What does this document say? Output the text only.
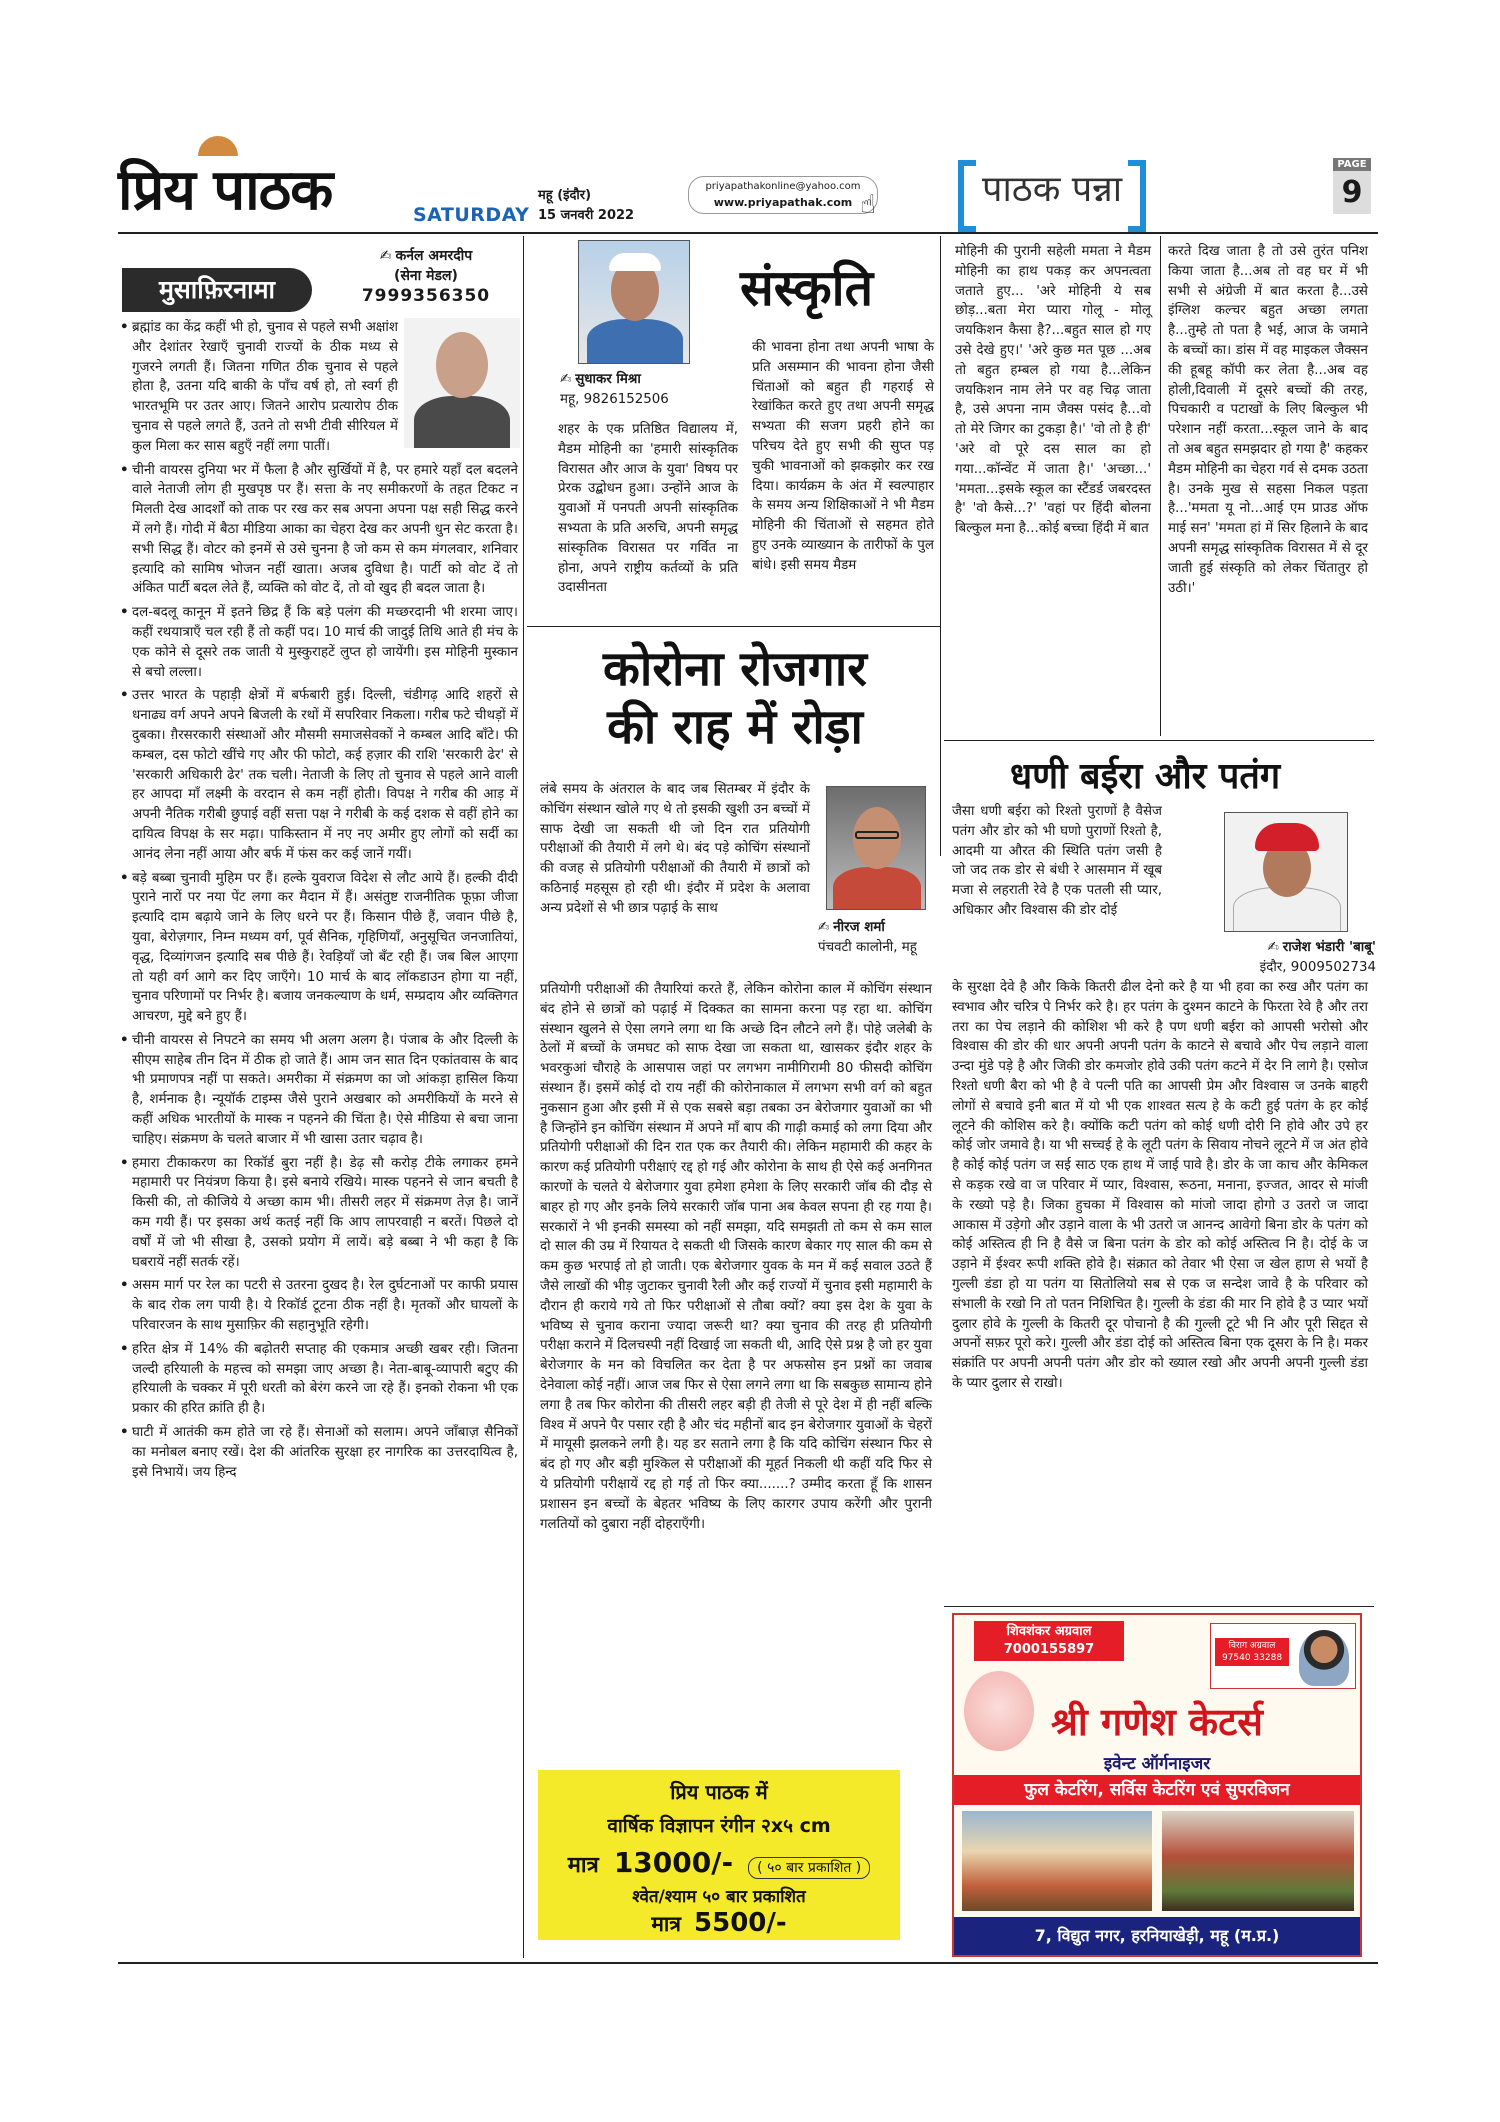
प्रिय पाठक	SATURDAY
महू (इंदौर)
15 जनवरी 2022
priyapathakonline@yahoo.com
www.priyapathak.com ☝	पाठक पन्ना
PAGE
9
मुसाफ़िरनामा
✍ कर्नल अमरदीप
(सेना मेडल)
7999356350

• ब्रह्मांड का केंद्र कहीं भी हो, चुनाव से पहले सभी अक्षांश और देशांतर रेखाएँ चुनावी राज्यों के ठीक मध्य से गुजरने लगती हैं। जितना गणित ठीक चुनाव से पहले होता है, उतना यदि बाकी के पाँच वर्ष हो, तो स्वर्ग ही भारतभूमि पर उतर आए। जितने आरोप प्रत्यारोप ठीक चुनाव से पहले लगते हैं, उतने तो सभी टीवी सीरियल में कुल मिला कर सास बहुएँ नहीं लगा पातीं।

• चीनी वायरस दुनिया भर में फैला है और सुर्खियों में है, पर हमारे यहाँ दल बदलने वाले नेताजी लोग ही मुखपृष्ठ पर हैं। सत्ता के नए समीकरणों के तहत टिकट न मिलती देख आदर्शों को ताक पर रख कर सब अपना अपना पक्ष सही सिद्ध करने में लगे हैं। गोदी में बैठा मीडिया आका का चेहरा देख कर अपनी धुन सेट करता है। सभी सिद्ध हैं। वोटर को इनमें से उसे चुनना है जो कम से कम मंगलवार, शनिवार इत्यादि को सामिष भोजन नहीं खाता। अजब दुविधा है। पार्टी को वोट दें तो अंकित पार्टी बदल लेते हैं, व्यक्ति को वोट दें, तो वो खुद ही बदल जाता है।

• दल-बदलू कानून में इतने छिद्र हैं कि बड़े पलंग की मच्छरदानी भी शरमा जाए। कहीं रथयात्राएँ चल रही हैं तो कहीं पद। 10 मार्च की जादुई तिथि आते ही मंच के एक कोने से दूसरे तक जाती ये मुस्कुराहटें लुप्त हो जायेंगी। इस मोहिनी मुस्कान से बचो लल्ला।

• उत्तर भारत के पहाड़ी क्षेत्रों में बर्फबारी हुई। दिल्ली, चंडीगढ़ आदि शहरों से धनाढ्य वर्ग अपने अपने बिजली के रथों में सपरिवार निकला। गरीब फटे चीथड़ों में दुबका। ग़ैरसरकारी संस्थाओं और मौसमी समाजसेवकों ने कम्बल आदि बाँटे। फी कम्बल, दस फोटो खींचे गए और फी फोटो, कई हज़ार की राशि 'सरकारी ढेर' से 'सरकारी अधिकारी ढेर' तक चली। नेताजी के लिए तो चुनाव से पहले आने वाली हर आपदा माँ लक्ष्मी के वरदान से कम नहीं होती। विपक्ष ने गरीब की आड़ में अपनी नैतिक गरीबी छुपाई वहीं सत्ता पक्ष ने गरीबी के कई दशक से वहीं होने का दायित्व विपक्ष के सर मढ़ा। पाकिस्तान में नए नए अमीर हुए लोगों को सर्दी का आनंद लेना नहीं आया और बर्फ में फंस कर कई जानें गयीं।

• बड़े बब्बा चुनावी मुहिम पर हैं। हल्के युवराज विदेश से लौट आये हैं। हल्की दीदी पुराने नारों पर नया पेंट लगा कर मैदान में हैं। असंतुष्ट राजनीतिक फूफ़ा जीजा इत्यादि दाम बढ़ाये जाने के लिए धरने पर हैं। किसान पीछे हैं, जवान पीछे है, युवा, बेरोज़गार, निम्न मध्यम वर्ग, पूर्व सैनिक, गृहिणियाँ, अनुसूचित जनजातियां, वृद्ध, दिव्यांगजन इत्यादि सब पीछे हैं। रेवड़ियाँ जो बँट रही हैं। जब बिल आएगा तो यही वर्ग आगे कर दिए जाएँगे। 10 मार्च के बाद लॉकडाउन होगा या नहीं, चुनाव परिणामों पर निर्भर है। बजाय जनकल्याण के धर्म, सम्प्रदाय और व्यक्तिगत आचरण, मुद्दे बने हुए हैं।

• चीनी वायरस से निपटने का समय भी अलग अलग है। पंजाब के और दिल्ली के सीएम साहेब तीन दिन में ठीक हो जाते हैं। आम जन सात दिन एकांतवास के बाद भी प्रमाणपत्र नहीं पा सकते। अमरीका में संक्रमण का जो आंकड़ा हासिल किया है, शर्मनाक है। न्यूयॉर्क टाइम्स जैसे पुराने अखबार को अमरीकियों के मरने से कहीं अधिक भारतीयों के मास्क न पहनने की चिंता है। ऐसे मीडिया से बचा जाना चाहिए। संक्रमण के चलते बाजार में भी खासा उतार चढ़ाव है।

• हमारा टीकाकरण का रिकॉर्ड बुरा नहीं है। डेढ़ सौ करोड़ टीके लगाकर हमने महामारी पर नियंत्रण किया है। इसे बनाये रखिये। मास्क पहनने से जान बचती है किसी की, तो कीजिये ये अच्छा काम भी। तीसरी लहर में संक्रमण तेज़ है। जानें कम गयी हैं। पर इसका अर्थ कतई नहीं कि आप लापरवाही न बरतें। पिछले दो वर्षों में जो भी सीखा है, उसको प्रयोग में लायें। बड़े बब्बा ने भी कहा है कि घबरायें नहीं सतर्क रहें।

• असम मार्ग पर रेल का पटरी से उतरना दुखद है। रेल दुर्घटनाओं पर काफी प्रयास के बाद रोक लग पायी है। ये रिकॉर्ड टूटना ठीक नहीं है। मृतकों और घायलों के परिवारजन के साथ मुसाफ़िर की सहानुभूति रहेगी।

• हरित क्षेत्र में 14% की बढ़ोतरी सप्ताह की एकमात्र अच्छी खबर रही। जितना जल्दी हरियाली के महत्त्व को समझा जाए अच्छा है। नेता-बाबू-व्यापारी बटुए की हरियाली के चक्कर में पूरी धरती को बेरंग करने जा रहे हैं। इनको रोकना भी एक प्रकार की हरित क्रांति ही है।

• घाटी में आतंकी कम होते जा रहे हैं। सेनाओं को सलाम। अपने जाँबाज़ सैनिकों का मनोबल बनाए रखें। देश की आंतरिक सुरक्षा हर नागरिक का उत्तरदायित्व है, इसे निभायें। जय हिन्द

संस्कृति
✍ सुधाकर मिश्रा
महू, 9826152506
शहर के एक प्रतिष्ठित विद्यालय में, मैडम मोहिनी का 'हमारी सांस्कृतिक विरासत और आज के युवा' विषय पर प्रेरक उद्बोधन हुआ। उन्होंने आज के युवाओं में पनपती अपनी सांस्कृतिक सभ्यता के प्रति अरुचि, अपनी समृद्ध सांस्कृतिक विरासत पर गर्वित ना होना, अपने राष्ट्रीय कर्तव्यों के प्रति उदासीनता
की भावना होना तथा अपनी भाषा के प्रति असम्मान की भावना होना जैसी चिंताओं को बहुत ही गहराई से रेखांकित करते हुए तथा अपनी समृद्ध सभ्यता की सजग प्रहरी होने का परिचय देते हुए सभी की सुप्त पड़ चुकी भावनाओं को झकझोर कर रख दिया। कार्यक्रम के अंत में स्वल्पाहार के समय अन्य शिक्षिकाओं ने भी मैडम मोहिनी की चिंताओं से सहमत होते हुए उनके व्याख्यान के तारीफों के पुल बांधे। इसी समय मैडम
मोहिनी की पुरानी सहेली ममता ने मैडम मोहिनी का हाथ पकड़ कर अपनत्वता जताते हुए... 'अरे मोहिनी ये सब छोड़...बता मेरा प्यारा गोलू - मोलू जयकिशन कैसा है?...बहुत साल हो गए उसे देखे हुए।' 'अरे कुछ मत पूछ ...अब तो बहुत हम्बल हो गया है...लेकिन जयकिशन नाम लेने पर वह चिढ़ जाता है, उसे अपना नाम जैक्स पसंद है...वो तो मेरे जिगर का टुकड़ा है।' 'वो तो है ही' 'अरे वो पूरे दस साल का हो गया...कॉन्वेंट में जाता है।' 'अच्छा...' 'ममता...इसके स्कूल का स्टैंडर्ड जबरदस्त है' 'वो कैसे...?' 'वहां पर हिंदी बोलना बिल्कुल मना है...कोई बच्चा हिंदी में बात
करते दिख जाता है तो उसे तुरंत पनिश किया जाता है...अब तो वह घर में भी सभी से अंग्रेजी में बात करता है...उसे इंग्लिश कल्चर बहुत अच्छा लगता है...तुम्हे तो पता है भई, आज के जमाने के बच्चों का। डांस में वह माइकल जैक्सन की हूबहू कॉपी कर लेता है...अब वह होली,दिवाली में दूसरे बच्चों की तरह, पिचकारी व पटाखों के लिए बिल्कुल भी परेशान नहीं करता...स्कूल जाने के बाद तो अब बहुत समझदार हो गया है' कहकर मैडम मोहिनी का चेहरा गर्व से दमक उठता है। उनके मुख से सहसा निकल पड़ता है...'ममता यू नो...आई एम प्राउड ऑफ माई सन' 'ममता हां में सिर हिलाने के बाद अपनी समृद्ध सांस्कृतिक विरासत में से दूर जाती हुई संस्कृति को लेकर चिंतातुर हो उठी।'
कोरोना रोजगार
की राह में रोड़ा
लंबे समय के अंतराल के बाद जब सितम्बर में इंदौर के कोचिंग संस्थान खोले गए थे तो इसकी खुशी उन बच्चों में साफ देखी जा सकती थी जो दिन रात प्रतियोगी परीक्षाओं की तैयारी में लगे थे। बंद पड़े कोचिंग संस्थानों की वजह से प्रतियोगी परीक्षाओं की तैयारी में छात्रों को कठिनाई महसूस हो रही थी। इंदौर में प्रदेश के अलावा अन्य प्रदेशों से भी छात्र पढ़ाई के साथ
✍ नीरज शर्मा
पंचवटी कालोनी, महू
प्रतियोगी परीक्षाओं की तैयारियां करते हैं, लेकिन कोरोना काल में कोचिंग संस्थान बंद होने से छात्रों को पढ़ाई में दिक्कत का सामना करना पड़ रहा था. कोचिंग संस्थान खुलने से ऐसा लगने लगा था कि अच्छे दिन लौटने लगे हैं। पोहे जलेबी के ठेलों में बच्चों के जमघट को साफ देखा जा सकता था, खासकर इंदौर शहर के भवरकुआं चौराहे के आसपास जहां पर लगभग नामीगिरामी 80 फीसदी कोचिंग संस्थान हैं। इसमें कोई दो राय नहीं की कोरोनाकाल में लगभग सभी वर्ग को बहुत नुकसान हुआ और इसी में से एक सबसे बड़ा तबका उन बेरोजगार युवाओं का भी है जिन्होंने इन कोचिंग संस्थान में अपने माँ बाप की गाढ़ी कमाई को लगा दिया और प्रतियोगी परीक्षाओं की दिन रात एक कर तैयारी की। लेकिन महामारी की कहर के कारण कई प्रतियोगी परीक्षाएं रद्द हो गई और कोरोना के साथ ही ऐसे कई अनगिनत कारणों के चलते ये बेरोजगार युवा हमेशा हमेशा के लिए सरकारी जॉब की दौड़ से बाहर हो गए और इनके लिये सरकारी जॉब पाना अब केवल सपना ही रह गया है। सरकारों ने भी इनकी समस्या को नहीं समझा, यदि समझती तो कम से कम साल दो साल की उम्र में रियायत दे सकती थी जिसके कारण बेकार गए साल की कम से कम कुछ भरपाई तो हो जाती। एक बेरोजगार युवक के मन में कई सवाल उठते हैं जैसे लाखों की भीड़ जुटाकर चुनावी रैली और कई राज्यों में चुनाव इसी महामारी के दौरान ही कराये गये तो फिर परीक्षाओं से तौबा क्यों? क्या इस देश के युवा के भविष्य से चुनाव कराना ज्यादा जरूरी था? क्या चुनाव की तरह ही प्रतियोगी परीक्षा कराने में दिलचस्पी नहीं दिखाई जा सकती थी, आदि ऐसे प्रश्न है जो हर युवा बेरोजगार के मन को विचलित कर देता है पर अफसोस इन प्रश्नों का जवाब देनेवाला कोई नहीं। आज जब फिर से ऐसा लगने लगा था कि सबकुछ सामान्य होने लगा है तब फिर कोरोना की तीसरी लहर बड़ी ही तेजी से पूरे देश में ही नहीं बल्कि विश्व में अपने पैर पसार रही है और चंद महीनों बाद इन बेरोजगार युवाओं के चेहरों में मायूसी झलकने लगी है। यह डर सताने लगा है कि यदि कोचिंग संस्थान फिर से बंद हो गए और बड़ी मुश्किल से परीक्षाओं की मूहर्त निकली थी कहीं यदि फिर से ये प्रतियोगी परीक्षायें रद्द हो गई तो फिर क्या.......? उम्मीद करता हूँ कि शासन प्रशासन इन बच्चों के बेहतर भविष्य के लिए कारगर उपाय करेंगी और पुरानी गलतियों को दुबारा नहीं दोहराएँगी।
प्रिय पाठक में
वार्षिक विज्ञापन रंगीन २x५ cm
मात्र 13000/- ( ५० बार प्रकाशित )
श्वेत/श्याम ५० बार प्रकाशित
मात्र 5500/-
धणी बईरा और पतंग
जैसा धणी बईरा को रिश्तो पुराणों है वैसेज पतंग और डोर को भी घणो पुराणों रिश्तो है, आदमी या औरत की स्थिति पतंग जसी है जो जद तक डोर से बंधी रे आसमान में खूब मजा से लहराती रेवे है एक पतली सी प्यार, अधिकार और विश्वास की डोर दोई
✍ राजेश भंडारी 'बाबू'
इंदौर, 9009502734
के सुरक्षा देवे है और किके कितरी ढील देनो करे है या भी हवा का रुख और पतंग का स्वभाव और चरित्र पे निर्भर करे है। हर पतंग के दुश्मन काटने के फिरता रेवे है और तरा तरा का पेच लड़ाने की कोशिश भी करे है पण धणी बईरा को आपसी भरोसो और विश्वास की डोर की धार अपनी अपनी पतंग के काटने से बचावे और पेच लड़ाने वाला उन्दा मुंडे पड़े है और जिकी डोर कमजोर होवे उकी पतंग कटने में देर नि लागे है। एसोज रिश्तो धणी बैरा को भी है वे पत्नी पति का आपसी प्रेम और विश्वास ज उनके बाहरी लोगों से बचावे इनी बात में यो भी एक शाश्वत सत्य हे के कटी हुई पतंग के हर कोई लूटने की कोशिस करे है। क्योंकि कटी पतंग को कोई धणी दोरी नि होवे और उपे हर कोई जोर जमावे है। या भी सच्चई हे के लूटी पतंग के सिवाय नोचने लूटने में ज अंत होवे है कोई कोई पतंग ज सई साठ एक हाथ में जाई पावे है। डोर के जा काच और केमिकल से कड़क रखे वा ज परिवार में प्यार, विश्वास, रूठना, मनाना, इज्जत, आदर से मांजी के रख्यो पड़े है। जिका हुचका में विश्वास को मांजो जादा होगो उ उतरो ज जादा आकास में उड़ेगो और उड़ाने वाला के भी उतरो ज आनन्द आवेगो बिना डोर के पतंग को कोई अस्तित्व ही नि है वैसे ज बिना पतंग के डोर को कोई अस्तित्व नि है। दोई के ज उड़ाने में ईश्वर रूपी शक्ति होवे है। संक्रात को तेवार भी ऐसा ज खेल हाण से भयों है गुल्ली डंडा हो या पतंग या सितोलियो सब से एक ज सन्देश जावे है के परिवार को संभाली के रखो नि तो पतन निशिचित है। गुल्ली के डंडा की मार नि होवे है उ प्यार भयों दुलार होवे के गुल्ली के कितरी दूर पोचानो है की गुल्ली टूटे भी नि और पूरी सिद्दत से अपनों सफ़र पूरो करे। गुल्ली और डंडा दोई को अस्तित्व बिना एक दूसरा के नि है। मकर संक्रांति पर अपनी अपनी पतंग और डोर को ख्याल रखो और अपनी अपनी गुल्ली डंडा के प्यार दुलार से राखो।
शिवशंकर अग्रवाल
7000155897	विराग अग्रवाल
97540 33288
श्री गणेश केटर्स
इवेन्ट ऑर्गनाइजर
फुल केटरिंग, सर्विस केटरिंग एवं सुपरविजन
7, विद्युत नगर, हरनियाखेड़ी, महू (म.प्र.)
